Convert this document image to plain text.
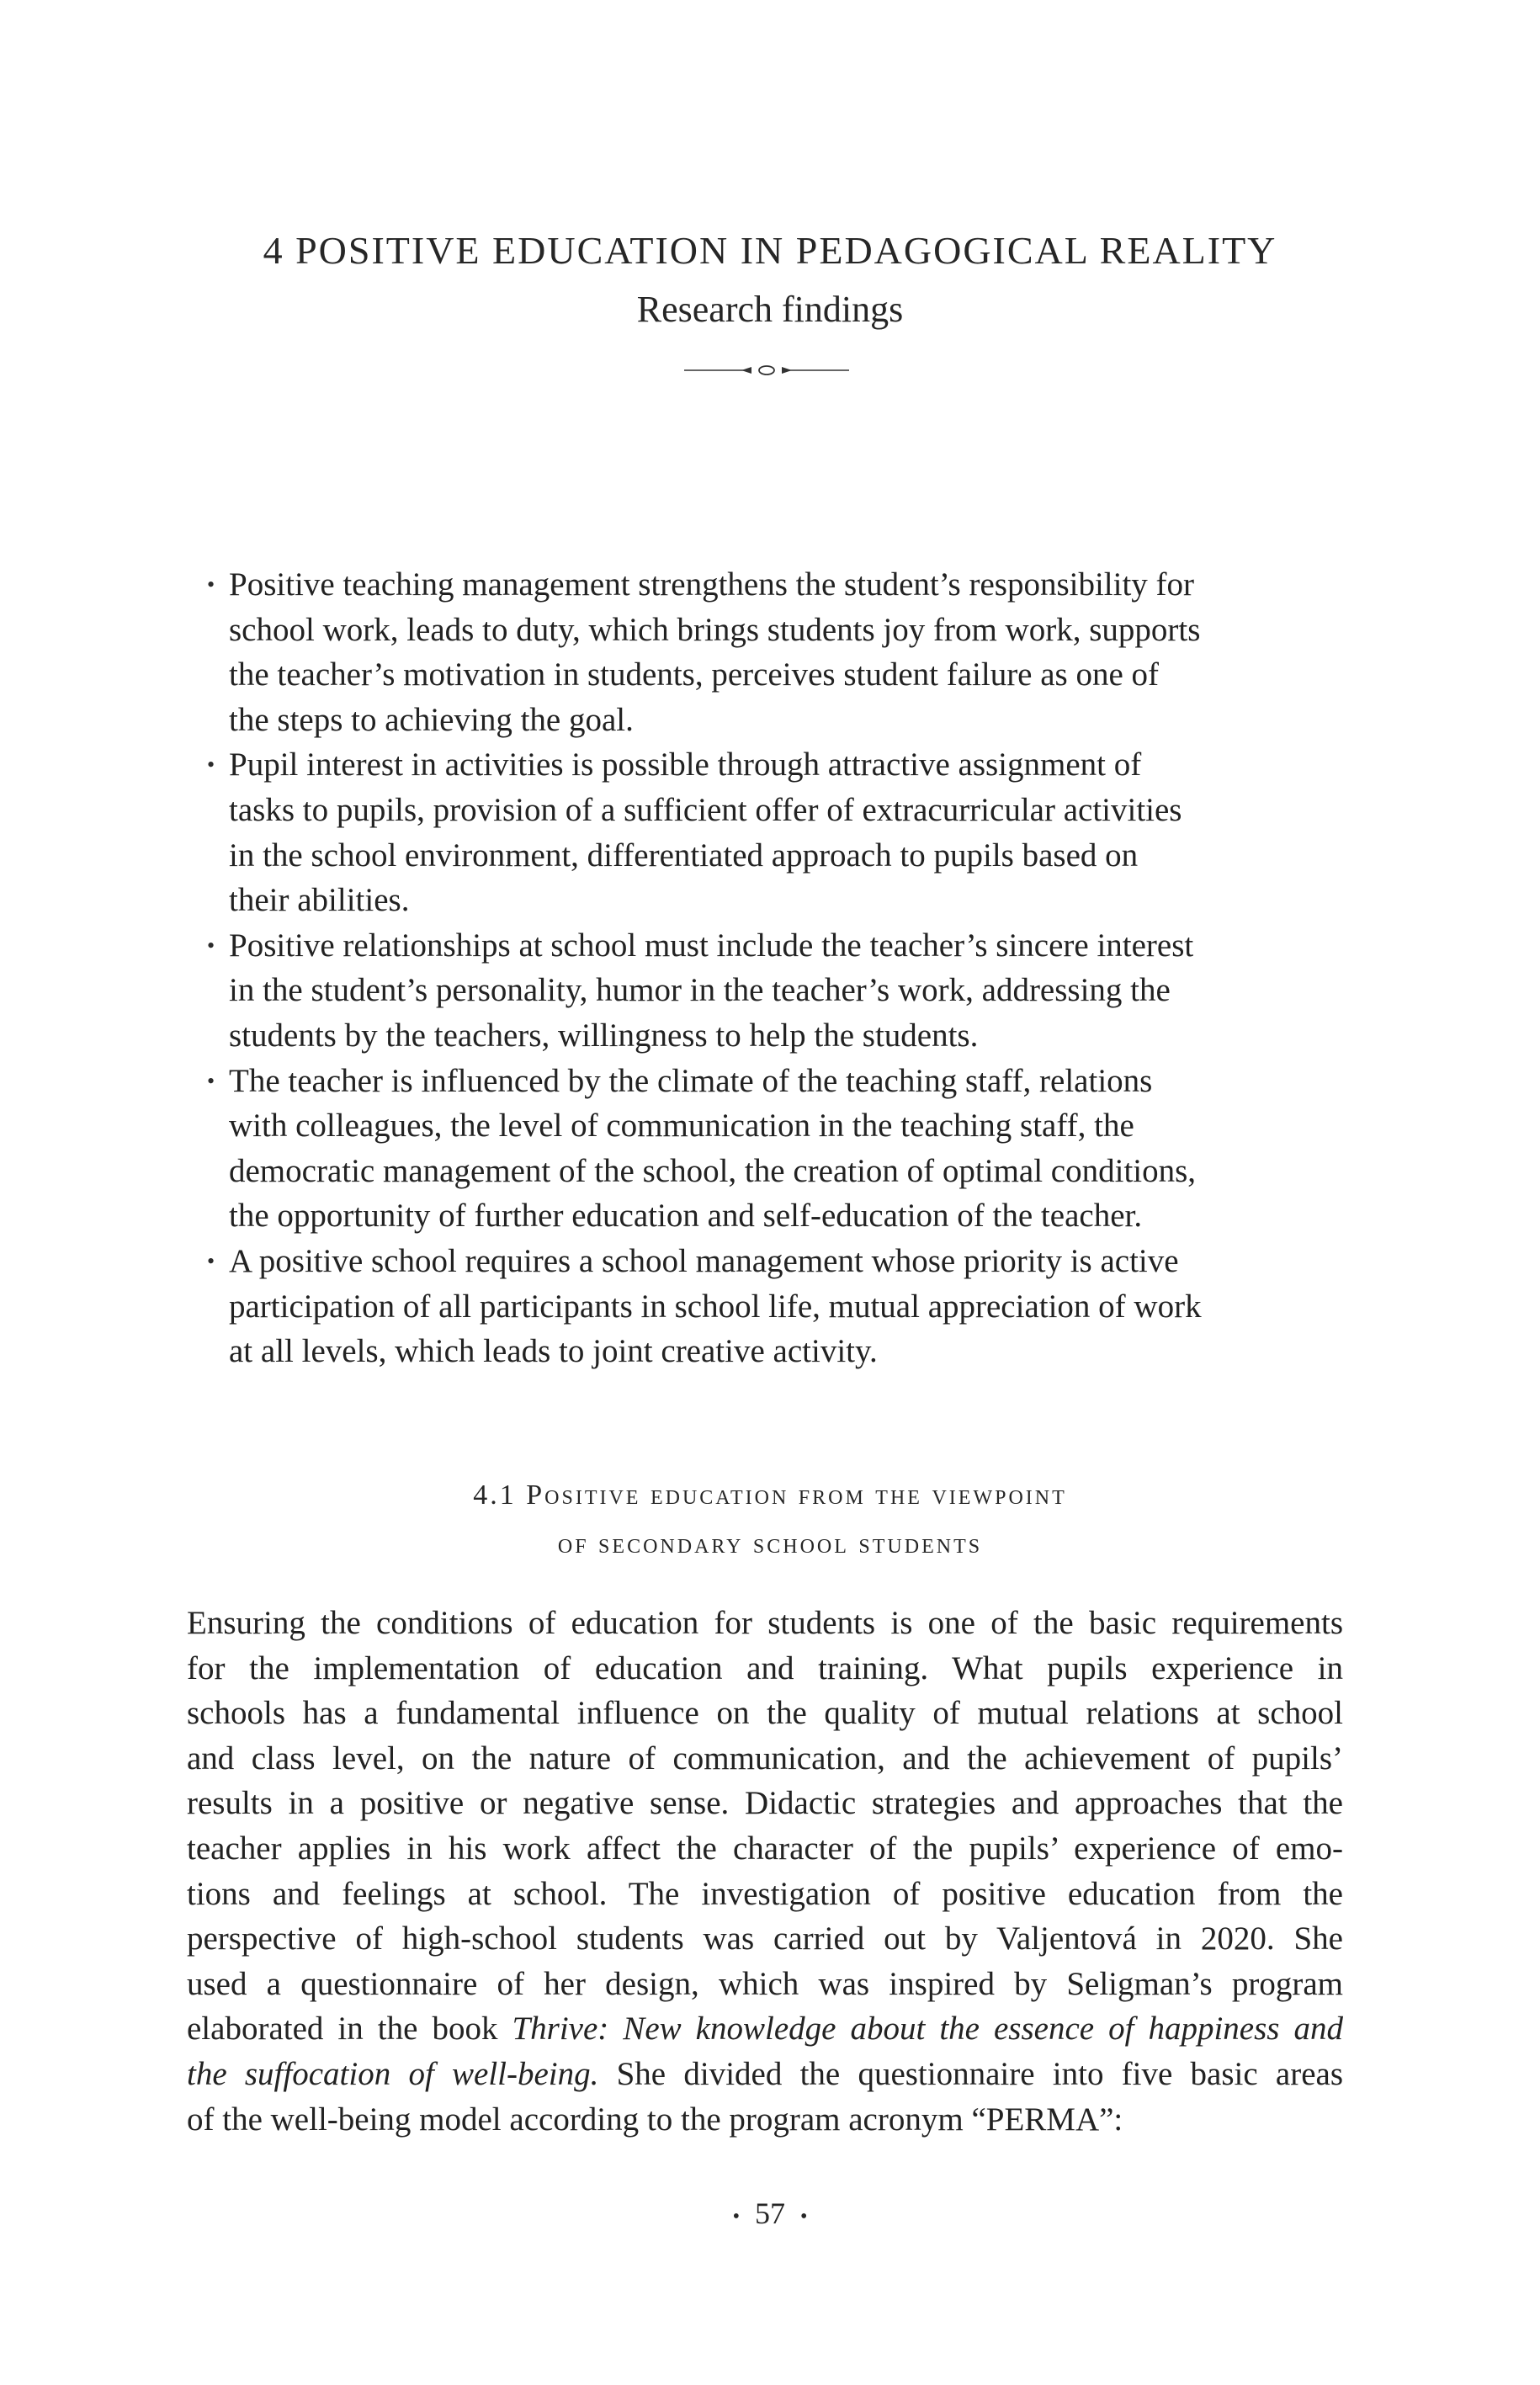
4 POSITIVE EDUCATION IN PEDAGOGICAL REALITY
Research findings
• Positive teaching management strengthens the student’s responsibility for
school work, leads to duty, which brings students joy from work, supports
the teacher’s motivation in students, perceives student failure as one of
the steps to achieving the goal.
• Pupil interest in activities is possible through attractive assignment of
tasks to pupils, provision of a sufficient offer of extracurricular activities
in the school environment, differentiated approach to pupils based on
their abilities.
• Positive relationships at school must include the teacher’s sincere interest
in the student’s personality, humor in the teacher’s work, addressing the
students by the teachers, willingness to help the students.
• The teacher is influenced by the climate of the teaching staff, relations
with colleagues, the level of communication in the teaching staff, the
democratic management of the school, the creation of optimal conditions,
the opportunity of further education and self-education of the teacher.
• A positive school requires a school management whose priority is active
participation of all participants in school life, mutual appreciation of work
at all levels, which leads to joint creative activity.
4.1 Positive education from the viewpoint
of secondary school students

Ensuring the conditions of education for students is one of the basic requirements
for the implementation of education and training. What pupils experience in
schools has a fundamental influence on the quality of mutual relations at school
and class level, on the nature of communication, and the achievement of pupils’
results in a positive or negative sense. Didactic strategies and approaches that the
teacher applies in his work affect the character of the pupils’ experience of emo-
tions and feelings at school. The investigation of positive education from the
perspective of high-school students was carried out by Valjentová in 2020. She
used a questionnaire of her design, which was inspired by Seligman’s program
elaborated in the book Thrive: New knowledge about the essence of happiness and
the suffocation of well-being. She divided the questionnaire into five basic areas
of the well-being model according to the program acronym “PERMA”:

• 57 •
